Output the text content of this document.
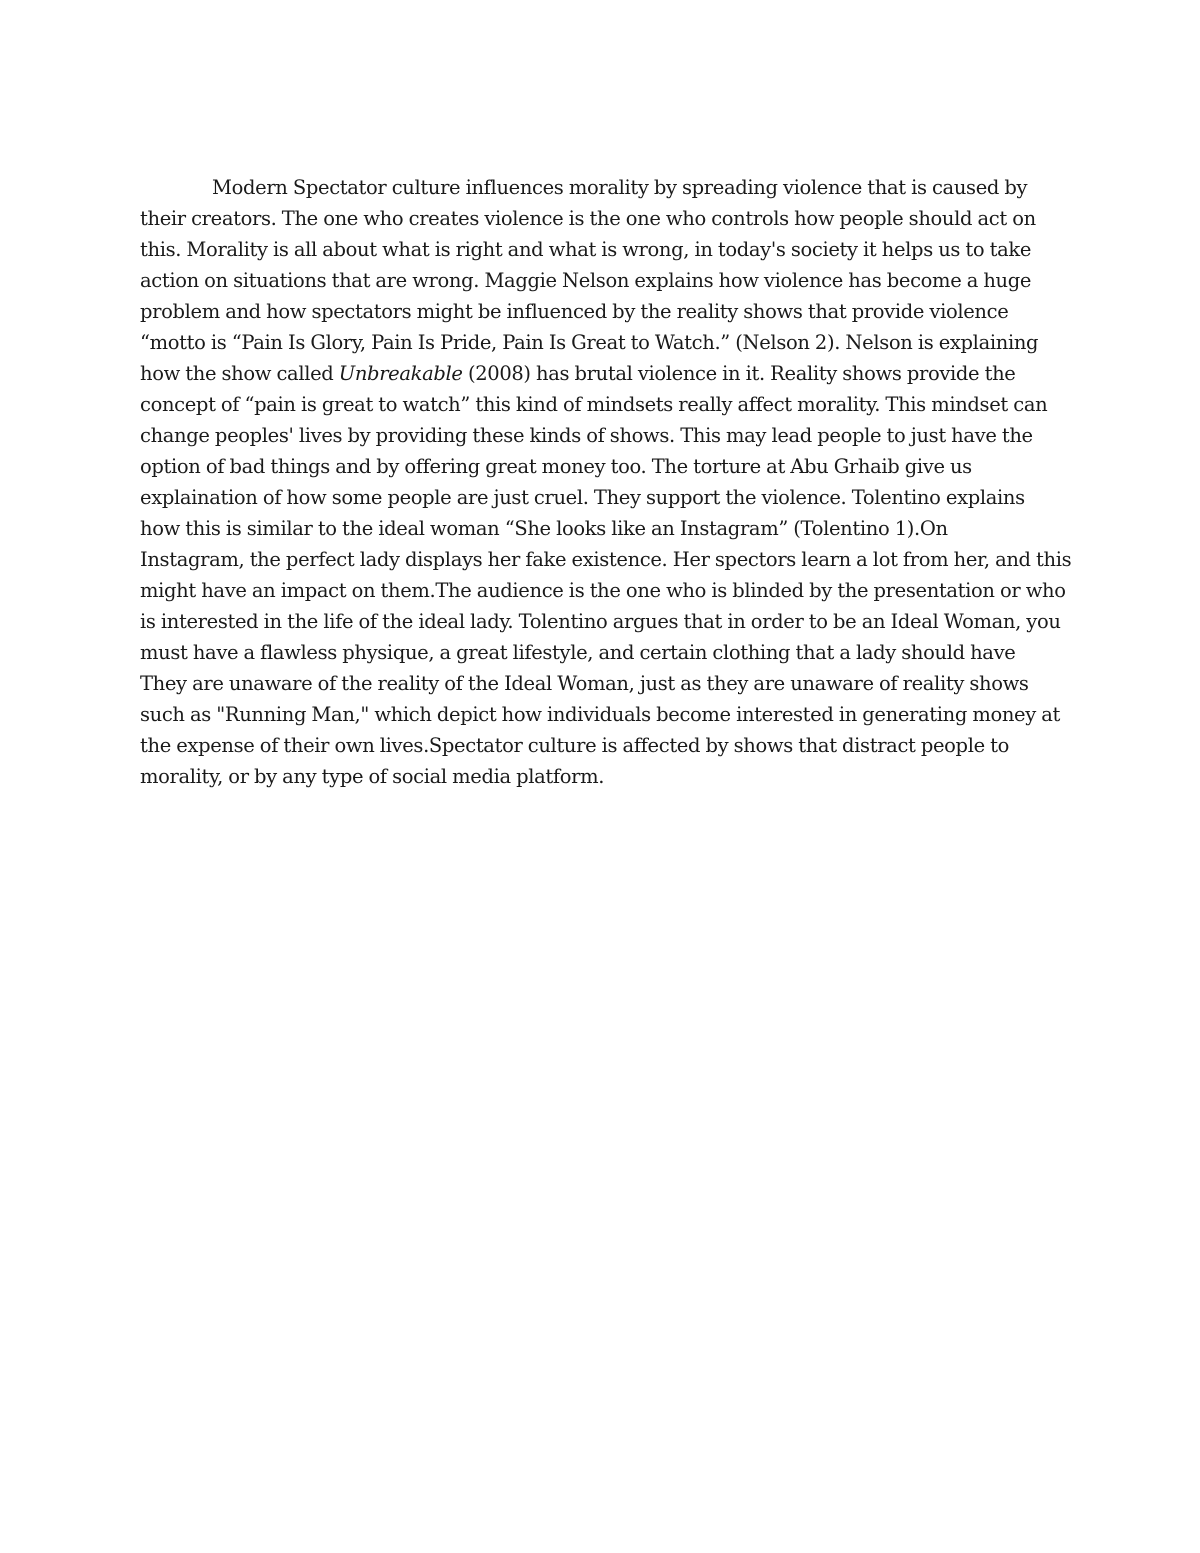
Modern Spectator culture influences morality by spreading violence that is caused by
their creators. The one who creates violence is the one who controls how people should act on
this. Morality is all about what is right and what is wrong, in today's society it helps us to take
action on situations that are wrong. Maggie Nelson explains how violence has become a huge
problem and how spectators might be influenced by the reality shows that provide violence
“motto is “Pain Is Glory, Pain Is Pride, Pain Is Great to Watch.” (Nelson 2). Nelson is explaining
how the show called Unbreakable (2008) has brutal violence in it. Reality shows provide the
concept of “pain is great to watch” this kind of mindsets really affect morality. This mindset can
change peoples' lives by providing these kinds of shows. This may lead people to just have the
option of bad things and by offering great money too. The torture at Abu Grhaib give us
explaination of how some people are just cruel. They support the violence. Tolentino explains
how this is similar to the ideal woman “She looks like an Instagram” (Tolentino 1).On
Instagram, the perfect lady displays her fake existence. Her spectors learn a lot from her, and this
might have an impact on them.The audience is the one who is blinded by the presentation or who
is interested in the life of the ideal lady. Tolentino argues that in order to be an Ideal Woman, you
must have a flawless physique, a great lifestyle, and certain clothing that a lady should have
They are unaware of the reality of the Ideal Woman, just as they are unaware of reality shows
such as "Running Man," which depict how individuals become interested in generating money at
the expense of their own lives.Spectator culture is affected by shows that distract people to
morality, or by any type of social media platform.
